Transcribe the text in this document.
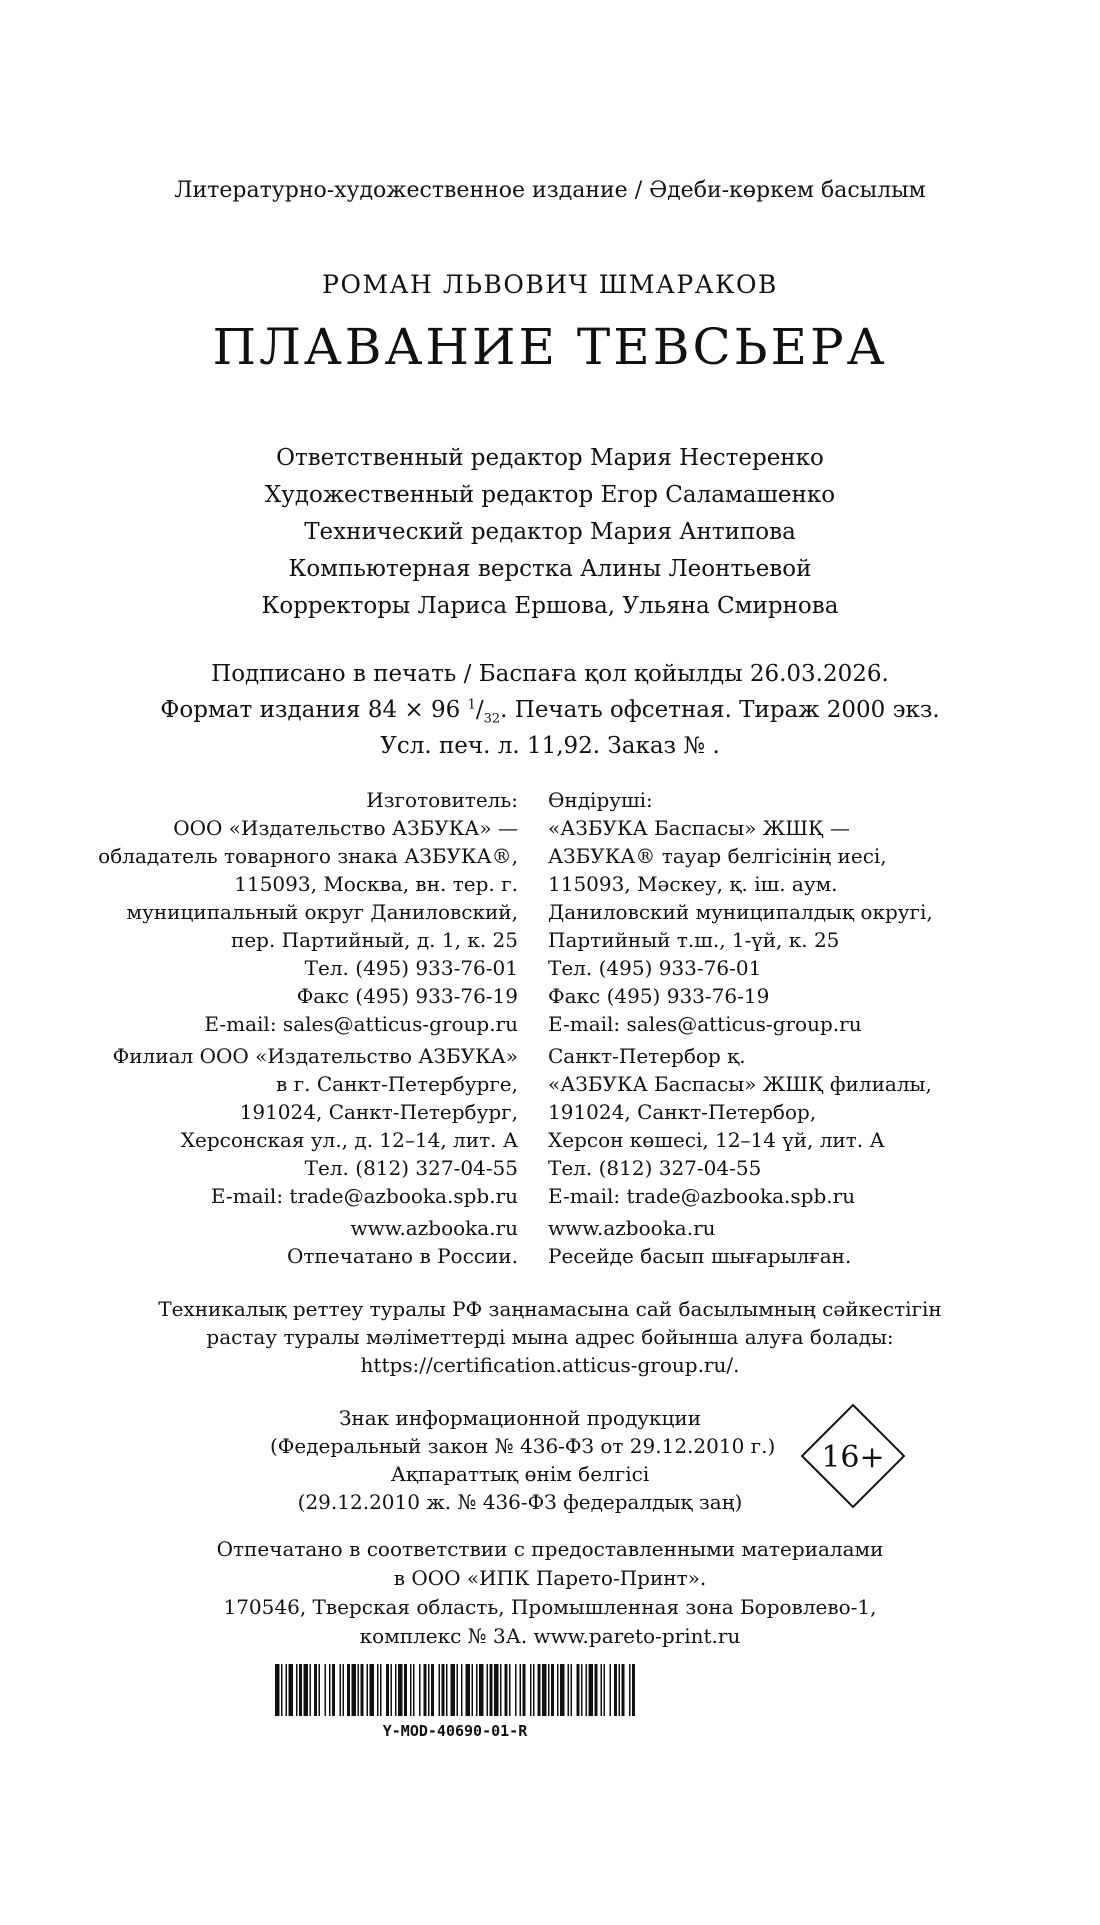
Литературно-художественное издание / Әдеби-көркем басылым
РОМАН ЛЬВОВИЧ ШМАРАКОВ
ПЛАВАНИЕ ТЕВСЬЕРА
Ответственный редактор Мария Нестеренко
Художественный редактор Егор Саламашенко
Технический редактор Мария Антипова
Компьютерная верстка Алины Леонтьевой
Корректоры Лариса Ершова, Ульяна Смирнова
Подписано в печать / Баспаға қол қойылды 26.03.2026.
Формат издания 84 × 96 $^1/_{32}$. Печать офсетная. Тираж 2000 экз.
Усл. печ. л. 11,92. Заказ № .
Изготовитель:
ООО «Издательство АЗБУКА» —
обладатель товарного знака АЗБУКА®,
115093, Москва, вн. тер. г.
муниципальный округ Даниловский,
пер. Партийный, д. 1, к. 25
Тел. (495) 933-76-01
Факс (495) 933-76-19
E-mail: sales@atticus-group.ru
Өндіруші:
«АЗБУКА Баспасы» ЖШҚ —
АЗБУКА® тауар белгісінің иесі,
115093, Мәскеу, қ. іш. аум.
Даниловский муниципалдық округі,
Партийный т.ш., 1-үй, к. 25
Тел. (495) 933-76-01
Факс (495) 933-76-19
E-mail: sales@atticus-group.ru
Филиал ООО «Издательство АЗБУКА»
в г. Санкт-Петербурге,
191024, Санкт-Петербург,
Херсонская ул., д. 12–14, лит. А
Тел. (812) 327-04-55
E-mail: trade@azbooka.spb.ru
Санкт-Петербор қ.
«АЗБУКА Баспасы» ЖШҚ филиалы,
191024, Санкт-Петербор,
Херсон көшесі, 12–14 үй, лит. А
Тел. (812) 327-04-55
E-mail: trade@azbooka.spb.ru
www.azbooka.ru
Отпечатано в России.
www.azbooka.ru
Ресейде басып шығарылған.
Техникалық реттеу туралы РФ заңнамасына сай басылымның сәйкестігін
растау туралы мәліметтерді мына адрес бойынша алуға болады:
https://certification.atticus-group.ru/.
Знак информационной продукции
(Федеральный закон № 436-ФЗ от 29.12.2010 г.)
Ақпараттық өнім белгісі
(29.12.2010 ж. № 436-ФЗ федералдық заң)
16+
Отпечатано в соответствии с предоставленными материалами
в ООО «ИПК Парето-Принт».
170546, Тверская область, Промышленная зона Боровлево-1,
комплекс № 3А. www.pareto-print.ru
Y-MOD-40690-01-R
